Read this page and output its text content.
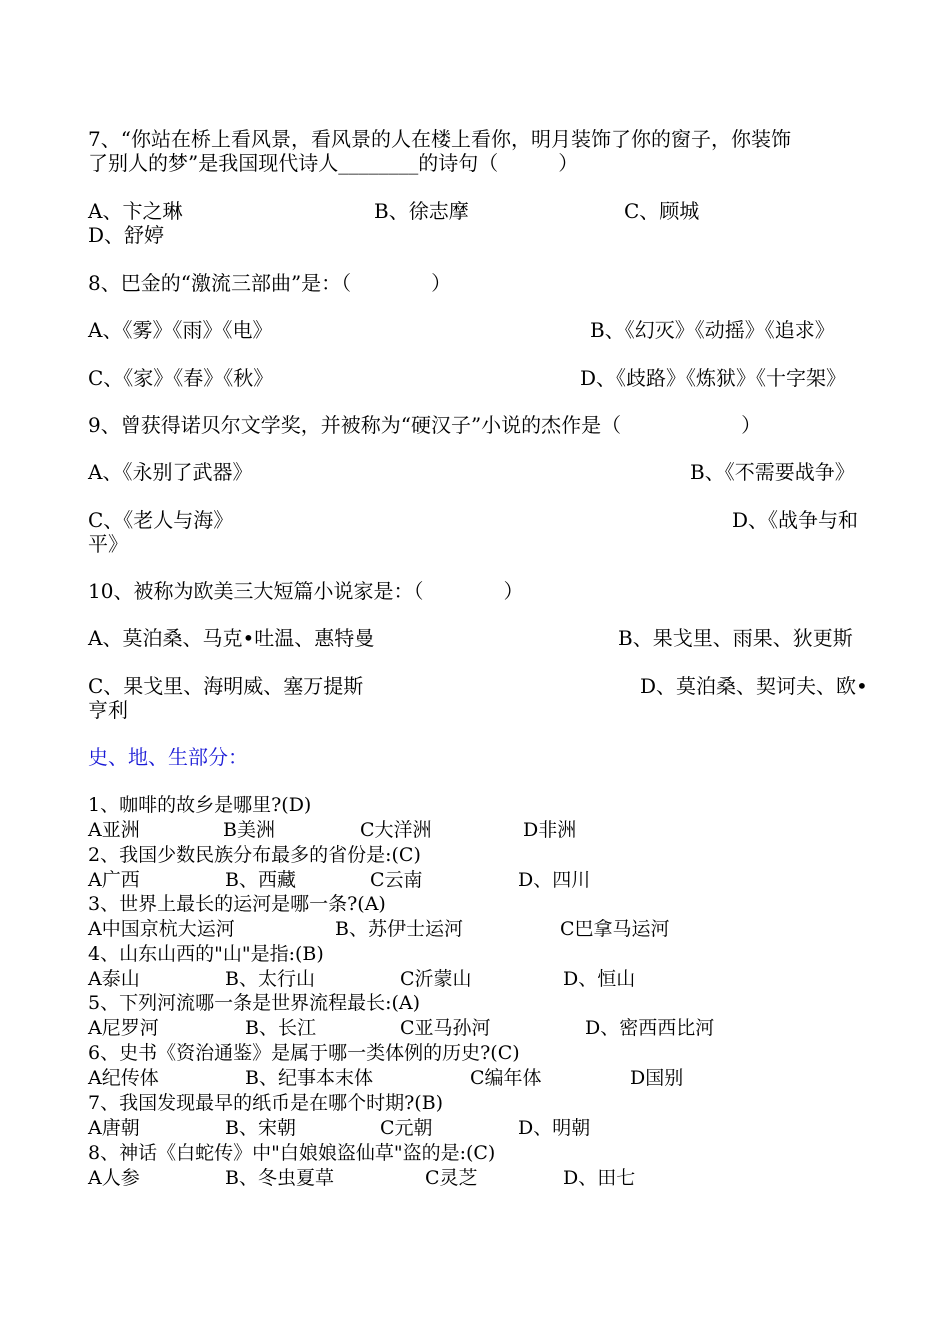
7、“你站在桥上看风景，看风景的人在楼上看你，明月装饰了你的窗子，你装饰
了别人的梦”是我国现代诗人________的诗句（　　　）
A、卞之琳	B、徐志摩	C、顾城
D、舒婷
8、巴金的“激流三部曲”是：（　　　　）
A、《雾》《雨》《电》	B、《幻灭》《动摇》《追求》
C、《家》《春》《秋》	D、《歧路》《炼狱》《十字架》
9、曾获得诺贝尔文学奖，并被称为“硬汉子”小说的杰作是（　　　　　　）
A、《永别了武器》	B、《不需要战争》
C、《老人与海》	D、《战争与和
平》
10、被称为欧美三大短篇小说家是：（　　　　）
A、莫泊桑、马克•吐温、惠特曼	B、果戈里、雨果、狄更斯
C、果戈里、海明威、塞万提斯	D、莫泊桑、契诃夫、欧•
亨利
史、地、生部分：
1、咖啡的故乡是哪里?(D)
A亚洲	B美洲	C大洋洲	D非洲
2、我国少数民族分布最多的省份是:(C)
A广西	B、西藏	C云南	D、四川
3、世界上最长的运河是哪一条?(A)
A中国京杭大运河	B、苏伊士运河	C巴拿马运河
4、山东山西的"山"是指:(B)
A泰山	B、太行山	C沂蒙山	D、恒山
5、下列河流哪一条是世界流程最长:(A)
A尼罗河	B、长江	C亚马孙河	D、密西西比河
6、史书《资治通鉴》是属于哪一类体例的历史?(C)
A纪传体	B、纪事本末体	C编年体	D国别
7、我国发现最早的纸币是在哪个时期?(B)
A唐朝	B、宋朝	C元朝	D、明朝
8、神话《白蛇传》中"白娘娘盗仙草"盗的是:(C)
A人参	B、冬虫夏草	C灵芝	D、田七
